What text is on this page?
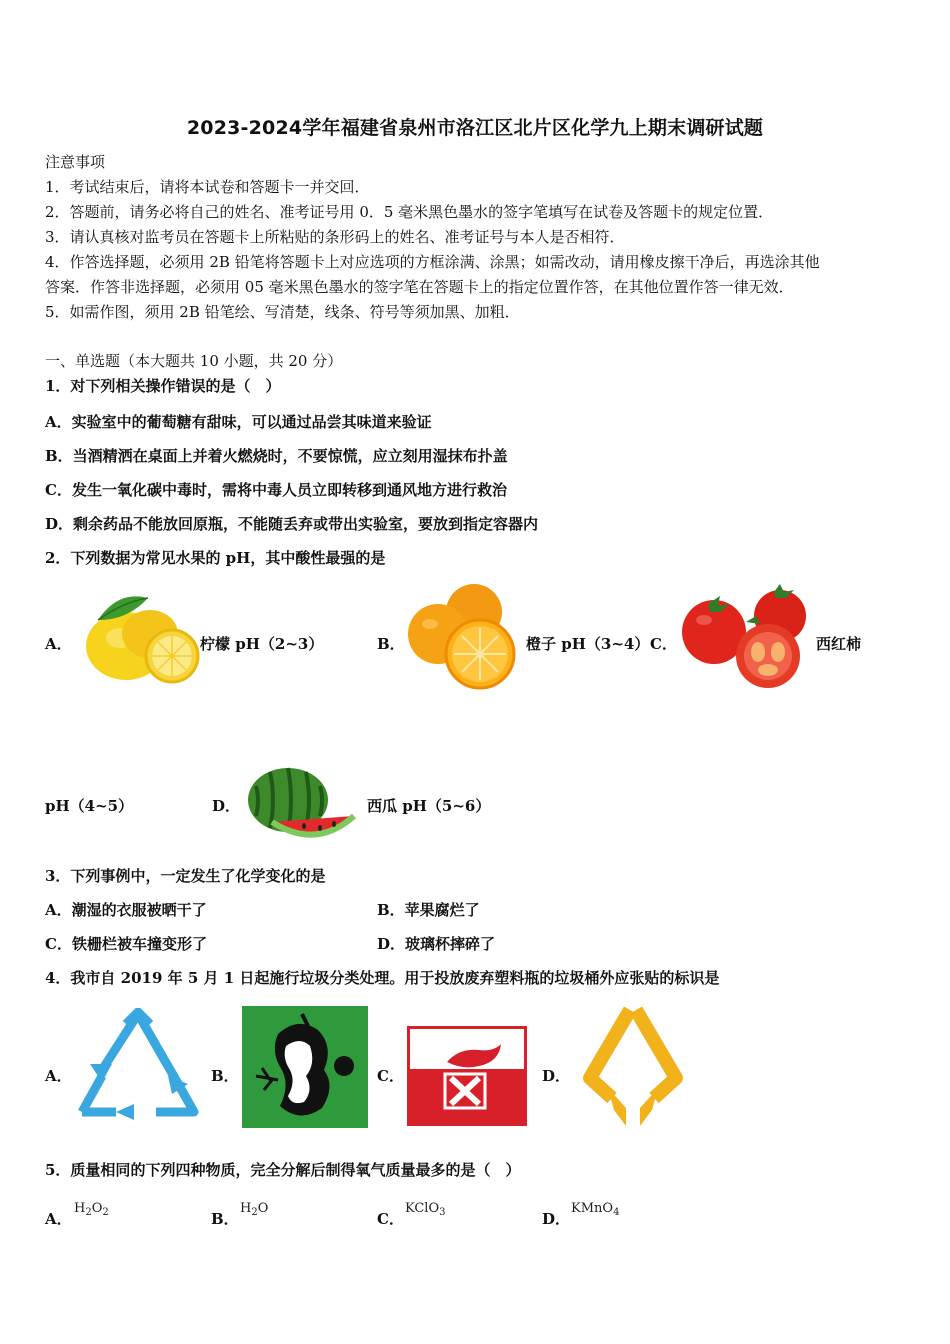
2023-2024学年福建省泉州市洛江区北片区化学九上期末调研试题
注意事项
1．考试结束后，请将本试卷和答题卡一并交回．
2．答题前，请务必将自己的姓名、准考证号用 0．5 毫米黑色墨水的签字笔填写在试卷及答题卡的规定位置．
3．请认真核对监考员在答题卡上所粘贴的条形码上的姓名、准考证号与本人是否相符．
4．作答选择题，必须用 2B 铅笔将答题卡上对应选项的方框涂满、涂黑；如需改动，请用橡皮擦干净后，再选涂其他
答案．作答非选择题，必须用 05 毫米黑色墨水的签字笔在答题卡上的指定位置作答，在其他位置作答一律无效．
5．如需作图，须用 2B 铅笔绘、写清楚，线条、符号等须加黑、加粗．
一、单选题（本大题共 10 小题，共 20 分）
1．对下列相关操作错误的是（　）
A．实验室中的葡萄糖有甜味，可以通过品尝其味道来验证
B．当酒精洒在桌面上并着火燃烧时，不要惊慌，应立刻用湿抹布扑盖
C．发生一氧化碳中毒时，需将中毒人员立即转移到通风地方进行救治
D．剩余药品不能放回原瓶，不能随丢弃或带出实验室，要放到指定容器内
2．下列数据为常见水果的 pH，其中酸性最强的是
A．	柠檬 pH（2~3）	B．	橙子 pH（3~4） C．	西红柿
pH（4~5）	D．	西瓜 pH（5~6）
3．下列事例中，一定发生了化学变化的是
A．潮湿的衣服被晒干了	B．苹果腐烂了
C．铁栅栏被车撞变形了	D．玻璃杯摔碎了
4．我市自 2019 年 5 月 1 日起施行垃圾分类处理。用于投放废弃塑料瓶的垃圾桶外应张贴的标识是
A．	B．	C．	D．
5．质量相同的下列四种物质，完全分解后制得氧气质量最多的是（　）
A．
$H_2O_2$	B．
$H_2O$
C．
KClO$_3$	D．
KMnO$_4$
